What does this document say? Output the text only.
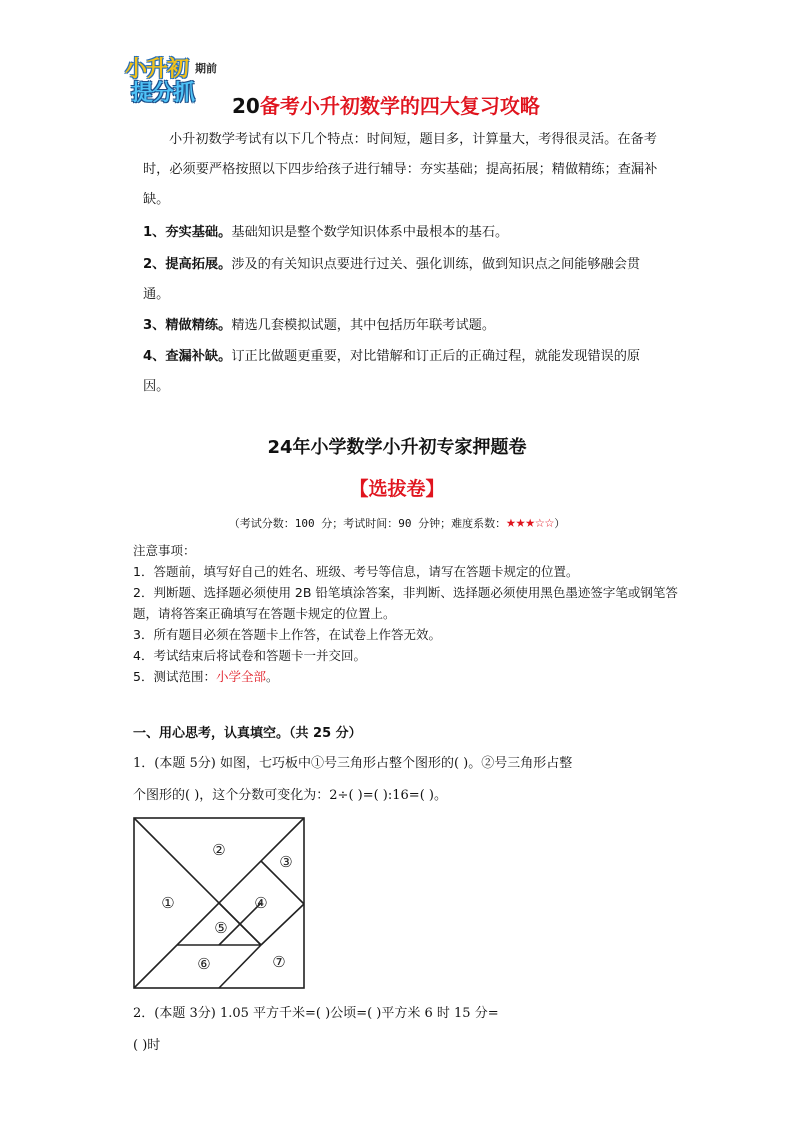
小升初 期前
提分抓 20备考小升初数学的四大复习攻略
小升初数学考试有以下几个特点：时间短，题目多，计算量大，考得很灵活。在备考时，必须要严格按照以下四步给孩子进行辅导：夯实基础；提高拓展；精做精练；查漏补缺。
1、夯实基础。基础知识是整个数学知识体系中最根本的基石。
2、提高拓展。涉及的有关知识点要进行过关、强化训练，做到知识点之间能够融会贯通。
3、精做精练。精选几套模拟试题，其中包括历年联考试题。
4、查漏补缺。订正比做题更重要，对比错解和订正后的正确过程，就能发现错误的原因。
24年小学数学小升初专家押题卷
【选拔卷】
（考试分数：100 分；考试时间：90 分钟；难度系数：★★★☆☆）
注意事项：
1．答题前，填写好自己的姓名、班级、考号等信息，请写在答题卡规定的位置。
2．判断题、选择题必须使用 2B 铅笔填涂答案，非判断、选择题必须使用黑色墨迹签字笔或钢笔答题，请将答案正确填写在答题卡规定的位置上。
3．所有题目必须在答题卡上作答，在试卷上作答无效。
4．考试结束后将试卷和答题卡一并交回。
5．测试范围：小学全部。
一、用心思考，认真填空。（共 25 分）
1．(本题 5分) 如图，七巧板中①号三角形占整个图形的( )。②号三角形占整
个图形的( )，这个分数可变化为：2÷( )=( ):16=( )。
②
③
①	④
⑤
⑥	⑦
2．(本题 3分) 1.05 平方千米=( )公顷=( )平方米 6 时 15 分=
( )时
